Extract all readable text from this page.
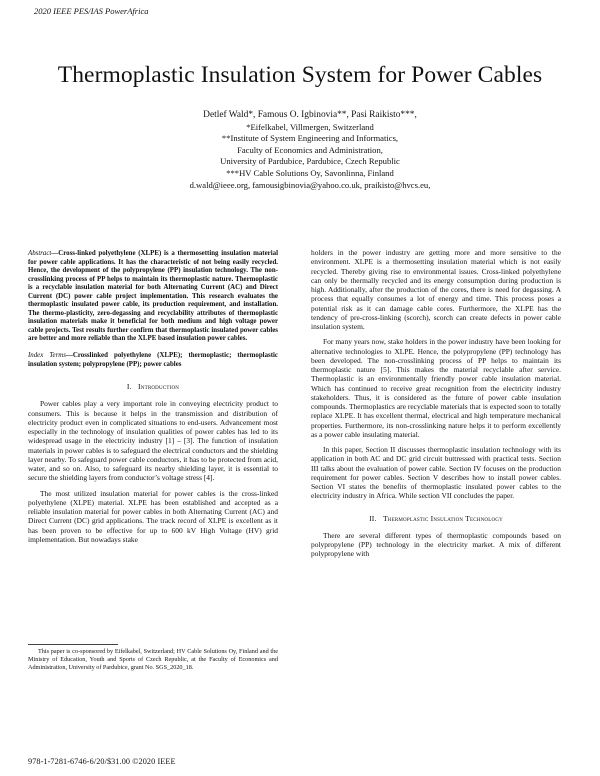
2020 IEEE PES/IAS PowerAfrica
Thermoplastic Insulation System for Power Cables
Detlef Wald*, Famous O. Igbinovia**, Pasi Raikisto***,
*Eifelkabel, Villmergen, Switzerland
**Institute of System Engineering and Informatics,
Faculty of Economics and Administration,
University of Pardubice, Pardubice, Czech Republic
***HV Cable Solutions Oy, Savonlinna, Finland
d.wald@ieee.org, famousigbinovia@yahoo.co.uk, praikisto@hvcs.eu,

Abstract—Cross-linked polyethylene (XLPE) is a thermosetting insulation material for power cable applications. It has the characteristic of not being easily recycled. Hence, the development of the polypropylene (PP) insulation technology. The non-crosslinking process of PP helps to maintain its thermoplastic nature. Thermoplastic is a recyclable insulation material for both Alternating Current (AC) and Direct Current (DC) power cable project implementation. This research evaluates the thermoplastic insulated power cable, its production requirement, and installation. The thermo-plasticity, zero-degassing and recyclability attributes of thermoplastic insulation materials make it beneficial for both medium and high voltage power cable projects. Test results further confirm that thermoplastic insulated power cables are better and more reliable than the XLPE based insulation power cables.

Index Terms—Crosslinked polyethylene (XLPE); thermoplastic; thermoplastic insulation system; polypropylene (PP); power cables

I. Introduction

Power cables play a very important role in conveying electricity product to consumers. This is because it helps in the transmission and distribution of electricity product even in complicated situations to end-users. Advancement most especially in the technology of insulation qualities of power cables has led to its widespread usage in the electricity industry [1] – [3]. The function of insulation materials in power cables is to safeguard the electrical conductors and the shielding layer nearby. To safeguard power cable conductors, it has to be protected from acid, water, and so on. Also, to safeguard its nearby shielding layer, it is essential to secure the shielding layers from conductor’s voltage stress [4].

The most utilized insulation material for power cables is the cross-linked polyethylene (XLPE) material. XLPE has been established and accepted as a reliable insulation material for power cables in both Alternating Current (AC) and Direct Current (DC) grid applications. The track record of XLPE is excellent as it has been proven to be effective for up to 600 kV High Voltage (HV) grid implementation. But nowadays stake

holders in the power industry are getting more and more sensitive to the environment. XLPE is a thermosetting insulation material which is not easily recycled. Thereby giving rise to environmental issues. Cross-linked polyethylene can only be thermally recycled and its energy consumption during production is high. Additionally, after the production of the cores, there is need for degassing. A process that equally consumes a lot of energy and time. This process poses a potential risk as it can damage cable cores. Furthermore, the XLPE has the tendency of pre-cross-linking (scorch), scorch can create defects in power cable insulation system.

For many years now, stake holders in the power industry have been looking for alternative technologies to XLPE. Hence, the polypropylene (PP) technology has been developed. The non-crosslinking process of PP helps to maintain its thermoplastic nature [5]. This makes the material recyclable after service. Thermoplastic is an environmentally friendly power cable insulation material. Which has continued to receive great recognition from the electricity industry stakeholders. Thus, it is considered as the future of power cable insulation compounds. Thermoplastics are recyclable materials that is expected soon to totally replace XLPE. It has excellent thermal, electrical and high temperature mechanical properties. Furthermore, its non-crosslinking nature helps it to perform excellently as a power cable insulating material.

In this paper, Section II discusses thermoplastic insulation technology with its application in both AC and DC grid circuit buttressed with practical tests. Section III talks about the evaluation of power cable. Section IV focuses on the production requirement for power cables. Section V describes how to install power cables. Section VI states the benefits of thermoplastic insulated power cables to the electricity industry in Africa. While section VII concludes the paper.

II. Thermoplastic Insulation Technology

There are several different types of thermoplastic compounds based on polypropylene (PP) technology in the electricity market. A mix of different polypropylene with

This paper is co-sponsored by Eifelkabel, Switzerland; HV Cable Solutions Oy, Finland and the Ministry of Education, Youth and Sports of Czech Republic, at the Faculty of Economics and Administration, University of Pardubice, grant No. SGS_2020_18.

978-1-7281-6746-6/20/$31.00 ©2020 IEEE
